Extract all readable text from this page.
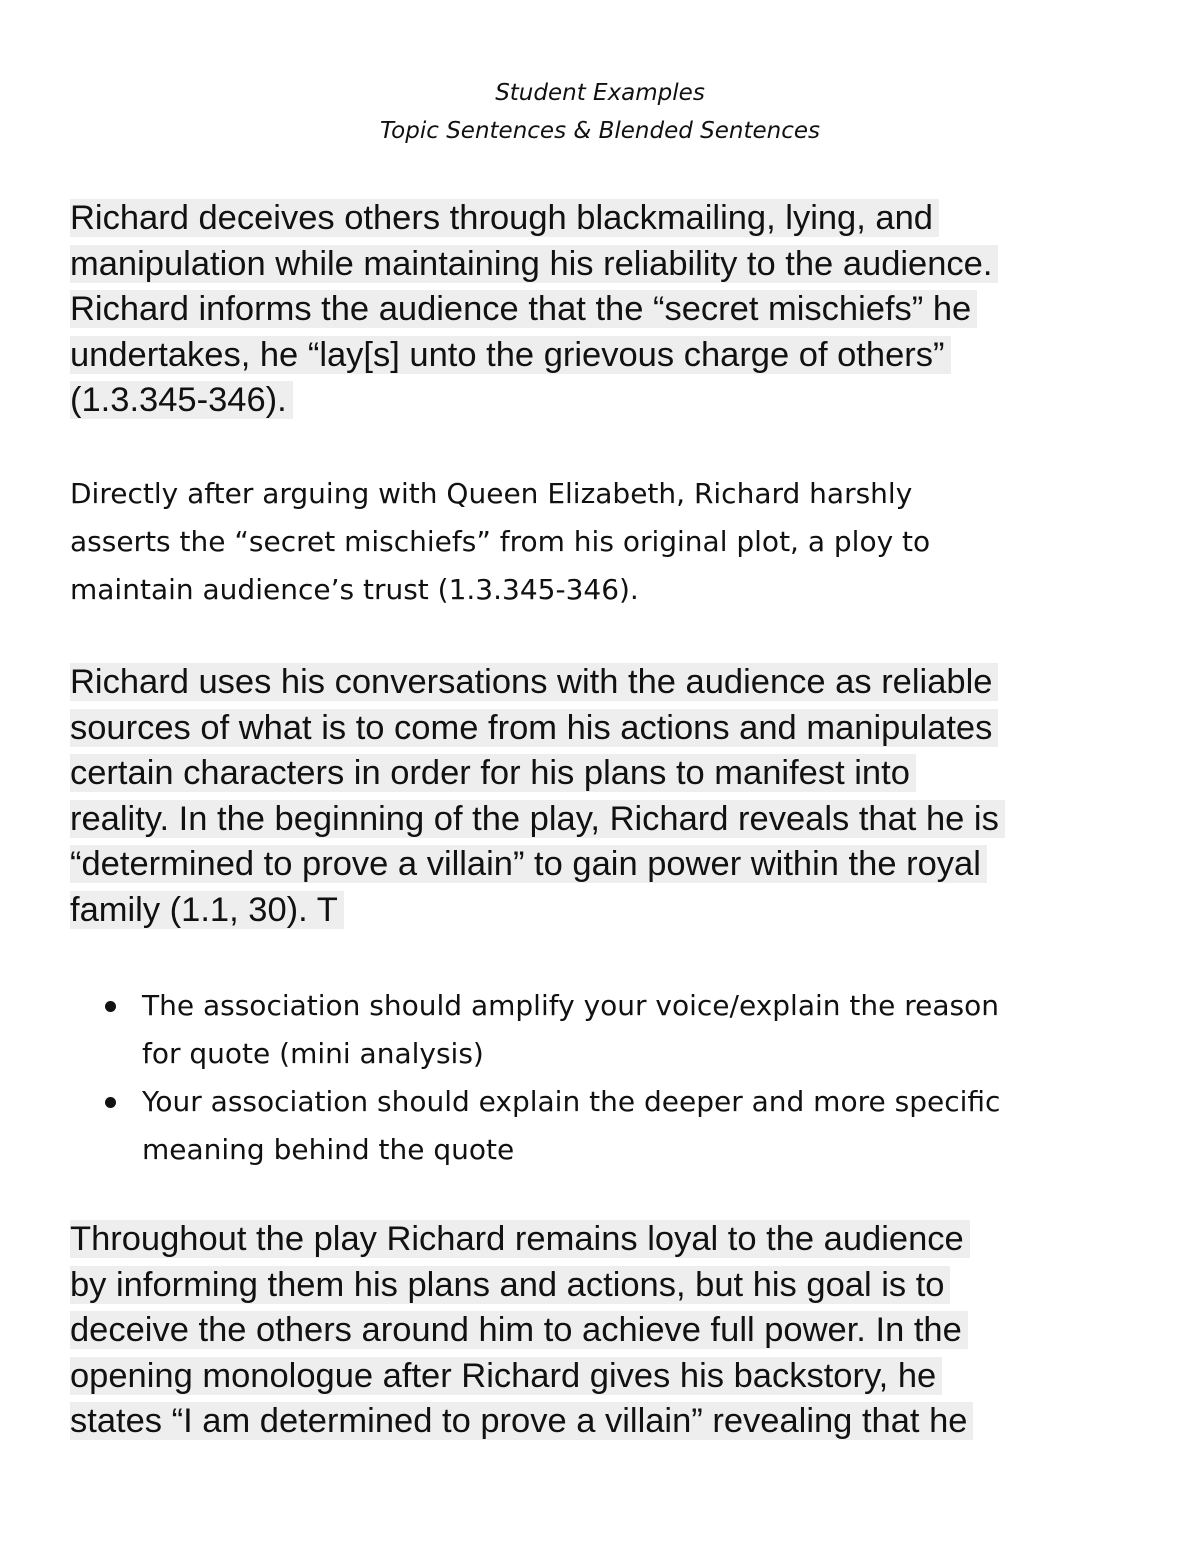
Student Examples
Topic Sentences & Blended Sentences
Richard deceives others through blackmailing, lying, and
manipulation while maintaining his reliability to the audience.
Richard informs the audience that the “secret mischiefs” he
undertakes, he “lay[s] unto the grievous charge of others”
(1.3.345-346).
Directly after arguing with Queen Elizabeth, Richard harshly
asserts the “secret mischiefs” from his original plot, a ploy to
maintain audience’s trust (1.3.345-346).
Richard uses his conversations with the audience as reliable
sources of what is to come from his actions and manipulates
certain characters in order for his plans to manifest into
reality. In the beginning of the play, Richard reveals that he is
“determined to prove a villain” to gain power within the royal
family (1.1, 30). T
The association should amplify your voice/explain the reason
for quote (mini analysis)
Your association should explain the deeper and more specific
meaning behind the quote
Throughout the play Richard remains loyal to the audience
by informing them his plans and actions, but his goal is to
deceive the others around him to achieve full power. In the
opening monologue after Richard gives his backstory, he
states “I am determined to prove a villain” revealing that he
